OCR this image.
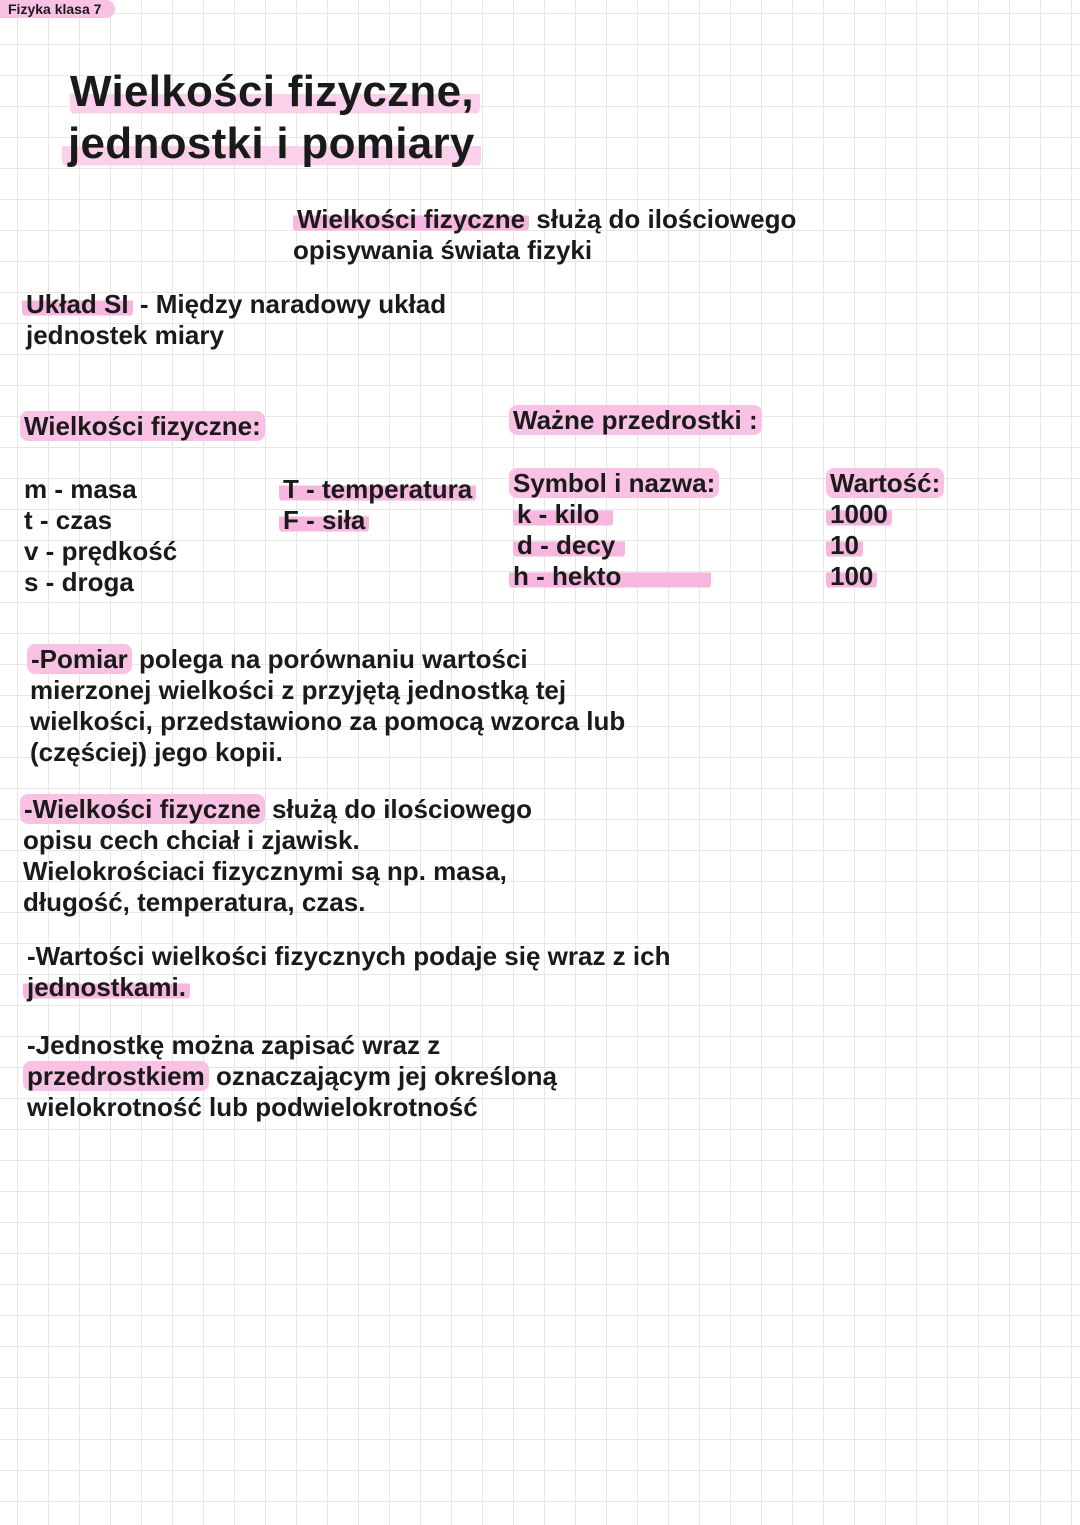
Fizyka klasa 7
Wielkości fizyczne,
jednostki i pomiary
Wielkości fizyczne służą do ilościowego
opisywania świata fizyki
Układ SI - Między naradowy układ
jednostek miary
Wielkości fizyczne:
m - masa
t - czas
v - prędkość
s - droga
T - temperatura
F - siła
Ważne przedrostki :
Symbol i nazwa:
k - kilo
d - decy
h - hekto
Wartość:
1000
10
100
-Pomiar polega na porównaniu wartości
mierzonej wielkości z przyjętą jednostką tej
wielkości, przedstawiono za pomocą wzorca lub
(częściej) jego kopii.
-Wielkości fizyczne służą do ilościowego
opisu cech chciał i zjawisk.
Wielokrościaci fizycznymi są np. masa,
długość, temperatura, czas.
-Wartości wielkości fizycznych podaje się wraz z ich
jednostkami.
-Jednostkę można zapisać wraz z
przedrostkiem oznaczającym jej określoną
wielokrotność lub podwielokrotność
